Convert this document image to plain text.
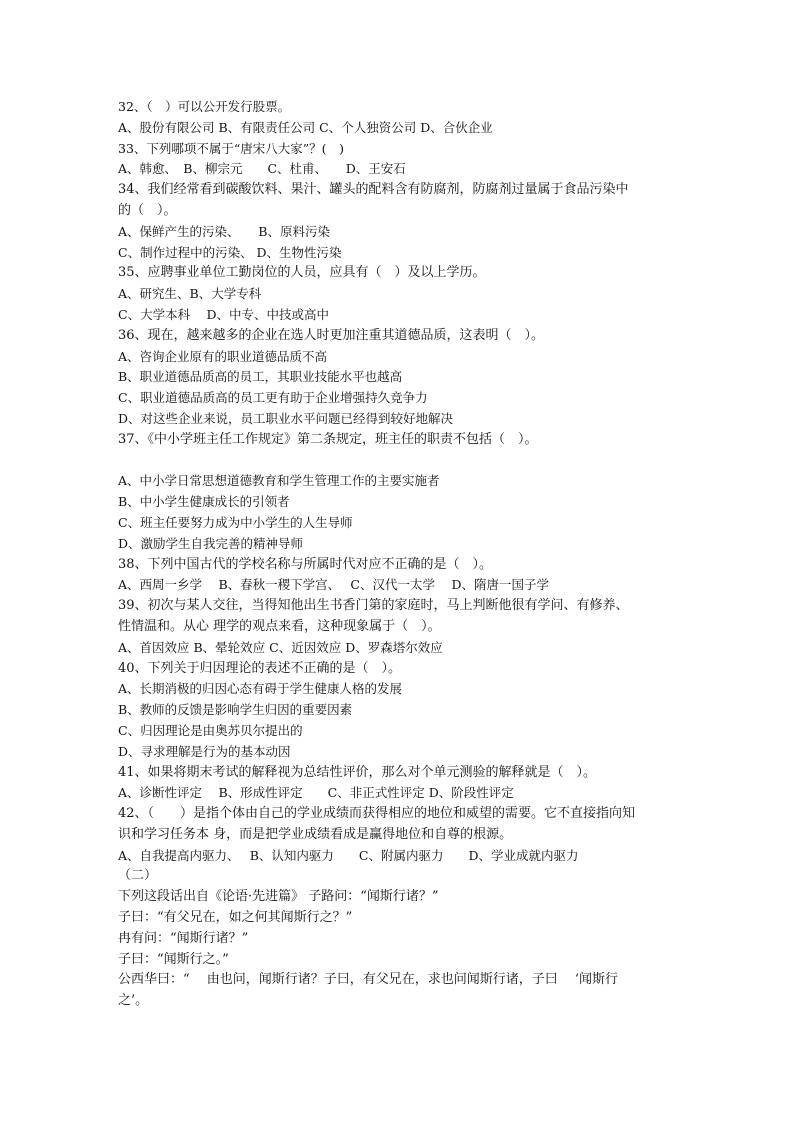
32、（　）可以公开发行股票。
A、股份有限公司 B、有限责任公司 C、个人独资公司 D、合伙企业
33、下列哪项不属于“唐宋八大家”？(　)
A、韩愈、　B、柳宗元　　C、杜甫、　　D、王安石
34、我们经常看到碳酸饮料、果汁、罐头的配料含有防腐剂，防腐剂过量属于食品污染中
的（　）。
A、保鲜产生的污染、　　B、原料污染
C、制作过程中的污染、 D、生物性污染
35、应聘事业单位工勤岗位的人员，应具有（　）及以上学历。
A、研究生、B、大学专科
C、大学本科　 D、中专、中技或高中
36、现在，越来越多的企业在选人时更加注重其道德品质，这表明（　）。
A、咨询企业原有的职业道德品质不高
B、职业道德品质高的员工，其职业技能水平也越高
C、职业道德品质高的员工更有助于企业增强持久竞争力
D、对这些企业来说，员工职业水平问题已经得到较好地解决
37、《中小学班主任工作规定》第二条规定，班主任的职责不包括（　）。
A、中小学日常思想道德教育和学生管理工作的主要实施者
B、中小学生健康成长的引领者
C、班主任要努力成为中小学生的人生导师
D、激励学生自我完善的精神导师
38、下列中国古代的学校名称与所属时代对应不正确的是（　）。
A、西周一乡学　 B、春秋一稷下学宫、　 C、汉代一太学　 D、隋唐一国子学
39、初次与某人交往，当得知他出生书香门第的家庭时，马上判断他很有学问、有修养、
性情温和。从心 理学的观点来看，这种现象属于（　）。
A、首因效应 B、晕轮效应 C、近因效应 D、罗森塔尔效应
40、下列关于归因理论的表述不正确的是（　）。
A、长期消极的归因心态有碍于学生健康人格的发展
B、教师的反馈是影响学生归因的重要因素
C、归因理论是由奥苏贝尔提出的
D、寻求理解是行为的基本动因
41、如果将期末考试的解释视为总结性评价，那么对个单元测验的解释就是（　）。
A、诊断性评定　 B、形成性评定　　C、非正式性评定 D、阶段性评定
42、（　　）是指个体由自己的学业成绩而获得相应的地位和威望的需要。它不直接指向知
识和学习任务本 身，而是把学业成绩看成是赢得地位和自尊的根源。
A、自我提高内驱力、　 B、认知内驱力　　C、附属内驱力　　D、学业成就内驱力
（二）
下列这段话出自《论语·先进篇》 子路问：“闻斯行诸？”
子曰：“有父兄在，如之何其闻斯行之？”
冉有问：“闻斯行诸？”
子曰：“闻斯行之。”
公西华曰：“　 由也问，闻斯行诸？子曰，有父兄在，求也问闻斯行诸，子曰　 ‘闻斯行
之’。
